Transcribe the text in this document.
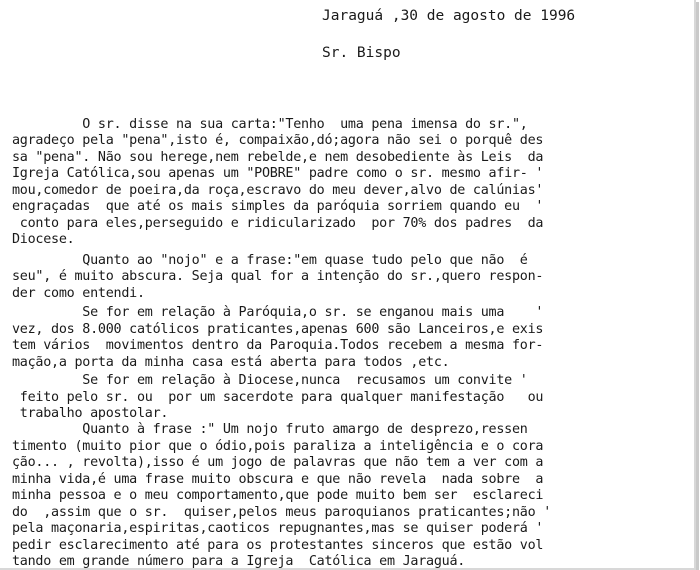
Jaraguá ,30 de agosto de 1996
Sr. Bispo
O sr. disse na sua carta:"Tenho  uma pena imensa do sr.",
agradeço pela "pena",isto é, compaixão,dó;agora não sei o porquê des
sa "pena". Não sou herege,nem rebelde,e nem desobediente às Leis  da
Igreja Católica,sou apenas um "POBRE" padre como o sr. mesmo afir- '
mou,comedor de poeira,da roça,escravo do meu dever,alvo de calúnias'
engraçadas  que até os mais simples da paróquia sorriem quando eu  '
conto para eles,perseguido e ridicularizado  por 70% dos padres  da
Diocese.
Quanto ao "nojo" e a frase:"em quase tudo pelo que não  é
seu", é muito abscura. Seja qual for a intenção do sr.,quero respon-
der como entendi.
Se for em relação à Paróquia,o sr. se enganou mais uma    '
vez, dos 8.000 católicos praticantes,apenas 600 são Lanceiros,e exis
tem vários  movimentos dentro da Paroquia.Todos recebem a mesma for-
mação,a porta da minha casa está aberta para todos ,etc.
Se for em relação à Diocese,nunca  recusamos um convite '
feito pelo sr. ou  por um sacerdote para qualquer manifestação   ou
trabalho apostolar.
Quanto à frase :" Um nojo fruto amargo de desprezo,ressen
timento (muito pior que o ódio,pois paraliza a inteligência e o cora
ção... , revolta),isso é um jogo de palavras que não tem a ver com a
minha vida,é uma frase muito obscura e que não revela  nada sobre  a
minha pessoa e o meu comportamento,que pode muito bem ser  esclareci
do  ,assim que o sr.  quiser,pelos meus paroquianos praticantes;não '
pela maçonaria,espiritas,caoticos repugnantes,mas se quiser poderá '
pedir esclarecimento até para os protestantes sinceros que estão vol
tando em grande número para a Igreja  Católica em Jaraguá.
